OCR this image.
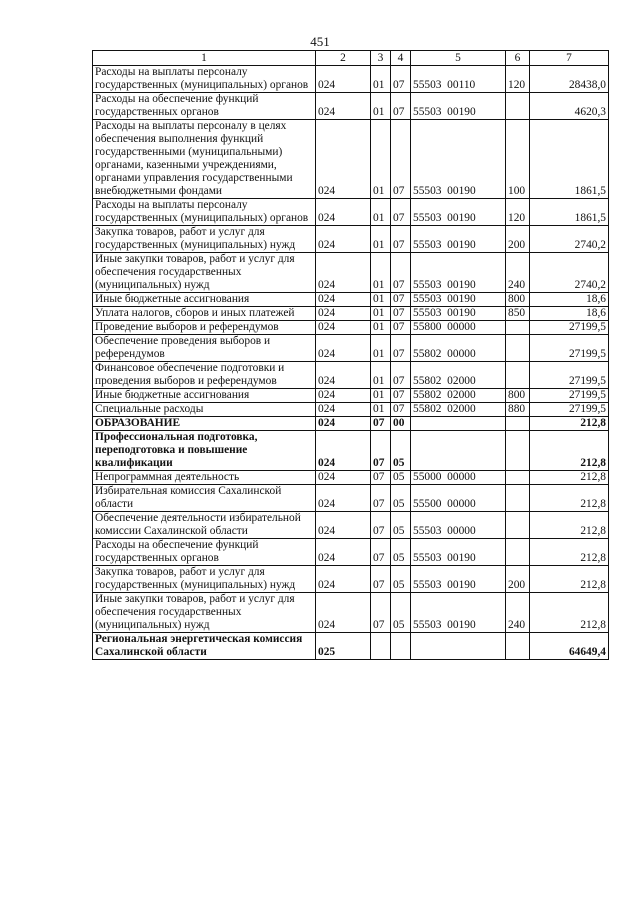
451
1	2	3	4	5	6	7
Расходы на выплаты персоналу государственных (муниципальных) органов	024	01	07	55503  00110	120	28438,0
Расходы на обеспечение функций государственных органов	024	01	07	55503  00190		4620,3
Расходы на выплаты персоналу в целях обеспечения выполнения функций государственными (муниципальными) органами, казенными учреждениями, органами управления государственными внебюджетными фондами	024	01	07	55503  00190	100	1861,5
Расходы на выплаты персоналу государственных (муниципальных) органов	024	01	07	55503  00190	120	1861,5
Закупка товаров, работ и услуг для государственных (муниципальных) нужд	024	01	07	55503  00190	200	2740,2
Иные закупки товаров, работ и услуг для обеспечения государственных (муниципальных) нужд	024	01	07	55503  00190	240	2740,2
Иные бюджетные ассигнования	024	01	07	55503  00190	800	18,6
Уплата налогов, сборов и иных платежей	024	01	07	55503  00190	850	18,6
Проведение выборов и референдумов	024	01	07	55800  00000		27199,5
Обеспечение проведения выборов и референдумов	024	01	07	55802  00000		27199,5
Финансовое обеспечение подготовки и проведения выборов и референдумов	024	01	07	55802  02000		27199,5
Иные бюджетные ассигнования	024	01	07	55802  02000	800	27199,5
Специальные расходы	024	01	07	55802  02000	880	27199,5
ОБРАЗОВАНИЕ	024	07	00			212,8
Профессиональная подготовка, переподготовка и повышение квалификации	024	07	05			212,8
Непрограммная деятельность	024	07	05	55000  00000		212,8
Избирательная комиссия Сахалинской области	024	07	05	55500  00000		212,8
Обеспечение деятельности избирательной комиссии Сахалинской области	024	07	05	55503  00000		212,8
Расходы на обеспечение функций государственных органов	024	07	05	55503  00190		212,8
Закупка товаров, работ и услуг для государственных (муниципальных) нужд	024	07	05	55503  00190	200	212,8
Иные закупки товаров, работ и услуг для обеспечения государственных (муниципальных) нужд	024	07	05	55503  00190	240	212,8
Региональная энергетическая комиссия Сахалинской области	025					64649,4
